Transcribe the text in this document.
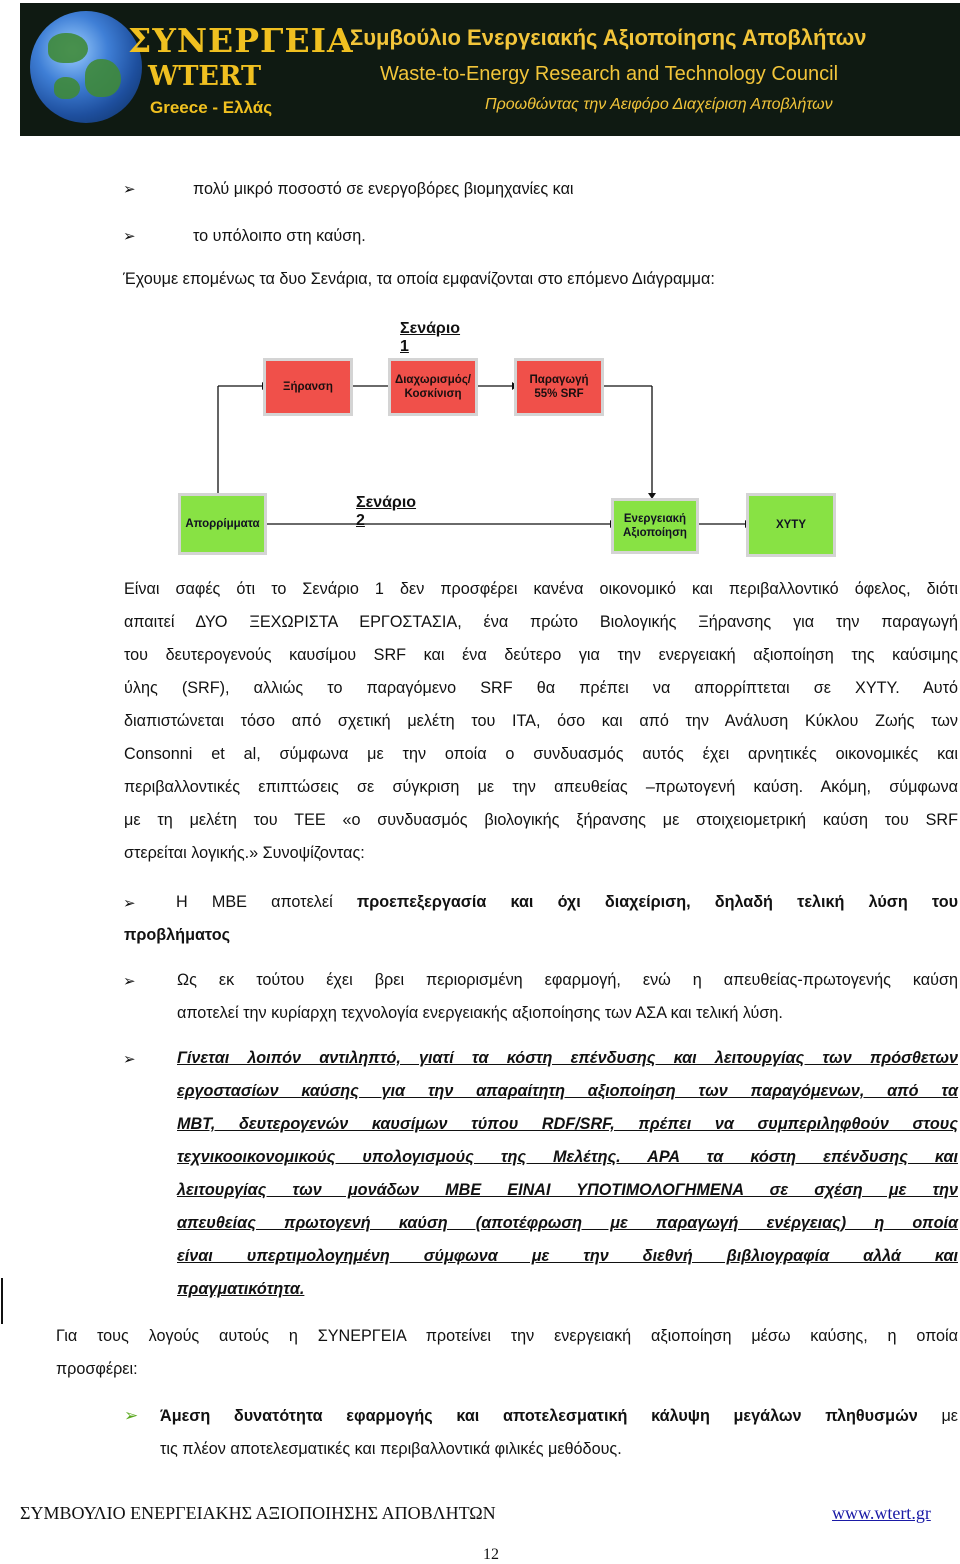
ΣΥΝΕΡΓΕΙΑ
WTERT
Greece - Ελλάς
Συμβούλιο Ενεργειακής Αξιοποίησης Αποβλήτων
Waste-to-Energy Research and Technology Council
Προωθώντας την Αειφόρο Διαχείριση Αποβλήτων
➢	πολύ μικρό ποσοστό σε ενεργοβόρες βιομηχανίες και
➢	το υπόλοιπο στη καύση.
Έχουμε επομένως τα δυο Σενάρια, τα οποία εμφανίζονται στο επόμενο Διάγραμμα:
Σενάριο 1
Σενάριο 2
Ξήρανση
Διαχωρισμός/
Κοσκίνιση
Παραγωγή
55% SRF
Απορρίμματα	Ενεργειακή
Αξιοποίηση
ΧΥΤΥ
Είναι σαφές ότι το Σενάριο 1 δεν προσφέρει κανένα οικονομικό και περιβαλλοντικό όφελος, διότι
απαιτεί ΔΥΟ ΞΕΧΩΡΙΣΤΑ ΕΡΓΟΣΤΑΣΙΑ, ένα πρώτο Βιολογικής Ξήρανσης για την παραγωγή
του δευτερογενούς καυσίμου SRF και ένα δεύτερο για την ενεργειακή αξιοποίηση της καύσιμης
ύλης (SRF), αλλιώς το παραγόμενο SRF θα πρέπει να απορρίπτεται σε ΧΥΤΥ. Αυτό
διαπιστώνεται τόσο από σχετική μελέτη του ΙΤΑ, όσο και από την Ανάλυση Κύκλου Ζωής των
Consonni et al, σύμφωνα με την οποία ο συνδυασμός αυτός έχει αρνητικές οικονομικές και
περιβαλλοντικές επιπτώσεις σε σύγκριση με την απευθείας –πρωτογενή καύση. Ακόμη, σύμφωνα
με τη μελέτη του ΤΕΕ «ο συνδυασμός βιολογικής ξήρανσης με στοιχειομετρική καύση του SRF
στερείται λογικής.» Συνοψίζοντας:
➢	Η ΜΒΕ αποτελεί προεπεξεργασία και όχι διαχείριση, δηλαδή τελική λύση του
προβλήματος
➢	Ως εκ τούτου έχει βρει περιορισμένη εφαρμογή, ενώ η απευθείας-πρωτογενής καύση
αποτελεί την κυρίαρχη τεχνολογία ενεργειακής αξιοποίησης των ΑΣΑ και τελική λύση.
➢	Γίνεται λοιπόν αντιληπτό, γιατί τα κόστη επένδυσης και λειτουργίας των πρόσθετων
εργοστασίων καύσης για την απαραίτητη αξιοποίηση των παραγόμενων, από τα
ΜΒΤ, δευτερογενών καυσίμων τύπου RDF/SRF, πρέπει να συμπεριληφθούν στους
τεχνικοοικονομικούς υπολογισμούς της Μελέτης. ΑΡΑ τα κόστη επένδυσης και
λειτουργίας των μονάδων ΜΒΕ ΕΙΝΑΙ ΥΠΟΤΙΜΟΛΟΓΗΜΕΝΑ σε σχέση με την
απευθείας πρωτογενή καύση (αποτέφρωση με παραγωγή ενέργειας) η οποία
είναι υπερτιμολογημένη σύμφωνα με την διεθνή βιβλιογραφία αλλά και
πραγματικότητα.
Για τους λογούς αυτούς η ΣΥΝΕΡΓΕΙΑ προτείνει την ενεργειακή αξιοποίηση μέσω καύσης, η οποία
προσφέρει:
➢ Άμεση δυνατότητα εφαρμογής και αποτελεσματική κάλυψη μεγάλων πληθυσμών με
τις πλέον αποτελεσματικές και περιβαλλοντικά φιλικές μεθόδους.
ΣΥΜΒΟΥΛΙΟ ΕΝΕΡΓΕΙΑΚΗΣ ΑΞΙΟΠΟΙΗΣΗΣ ΑΠΟΒΛΗΤΩΝ	www.wtert.gr
12
